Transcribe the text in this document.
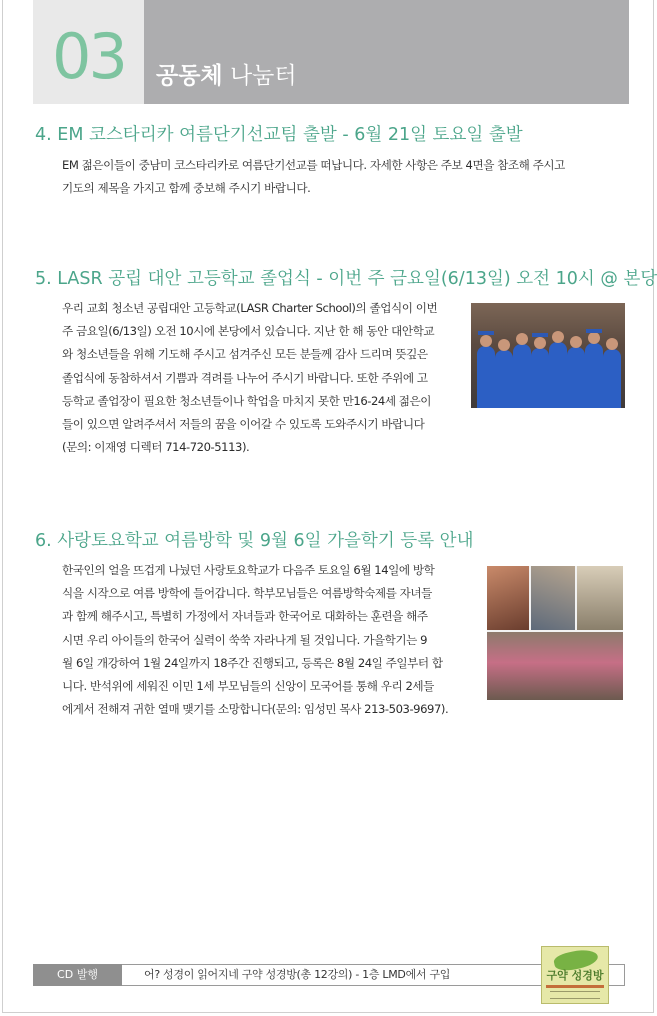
03	공동체 나눔터
4. EM 코스타리카 여름단기선교팀 출발 - 6월 21일 토요일 출발
EM 젊은이들이 중남미 코스타리카로 여름단기선교를 떠납니다. 자세한 사항은 주보 4면을 참조해 주시고
기도의 제목을 가지고 함께 중보해 주시기 바랍니다.
5. LASR 공립 대안 고등학교 졸업식 - 이번 주 금요일(6/13일) 오전 10시 @ 본당
우리 교회 청소년 공립대안 고등학교(LASR Charter School)의 졸업식이 이번
주 금요일(6/13일) 오전 10시에 본당에서 있습니다. 지난 한 해 동안 대안학교
와 청소년들을 위해 기도해 주시고 섬겨주신 모든 분들께 감사 드리며 뜻깊은
졸업식에 동참하셔서 기쁨과 격려를 나누어 주시기 바랍니다. 또한 주위에 고
등학교 졸업장이 필요한 청소년들이나 학업을 마치지 못한 만16-24세 젊은이
들이 있으면 알려주셔서 저들의 꿈을 이어갈 수 있도록 도와주시기 바랍니다
(문의: 이재영 디렉터 714-720-5113).
6. 사랑토요학교 여름방학 및 9월 6일 가을학기 등록 안내
한국인의 얼을 뜨겁게 나눴던 사랑토요학교가 다음주 토요일 6월 14일에 방학
식을 시작으로 여름 방학에 들어갑니다. 학부모님들은 여름방학숙제를 자녀들
과 함께 해주시고, 특별히 가정에서 자녀들과 한국어로 대화하는 훈련을 해주
시면 우리 아이들의 한국어 실력이 쑥쑥 자라나게 될 것입니다. 가을학기는 9
월 6일 개강하여 1월 24일까지 18주간 진행되고, 등록은 8월 24일 주일부터 합
니다. 반석위에 세워진 이민 1세 부모님들의 신앙이 모국어를 통해 우리 2세들
에게서 전해져 귀한 열매 맺기를 소망합니다(문의: 임성민 목사 213-503-9697).
CD 발행	어? 성경이 읽어지네 구약 성경방(총 12강의) - 1층 LMD에서 구입	구약 성경방
